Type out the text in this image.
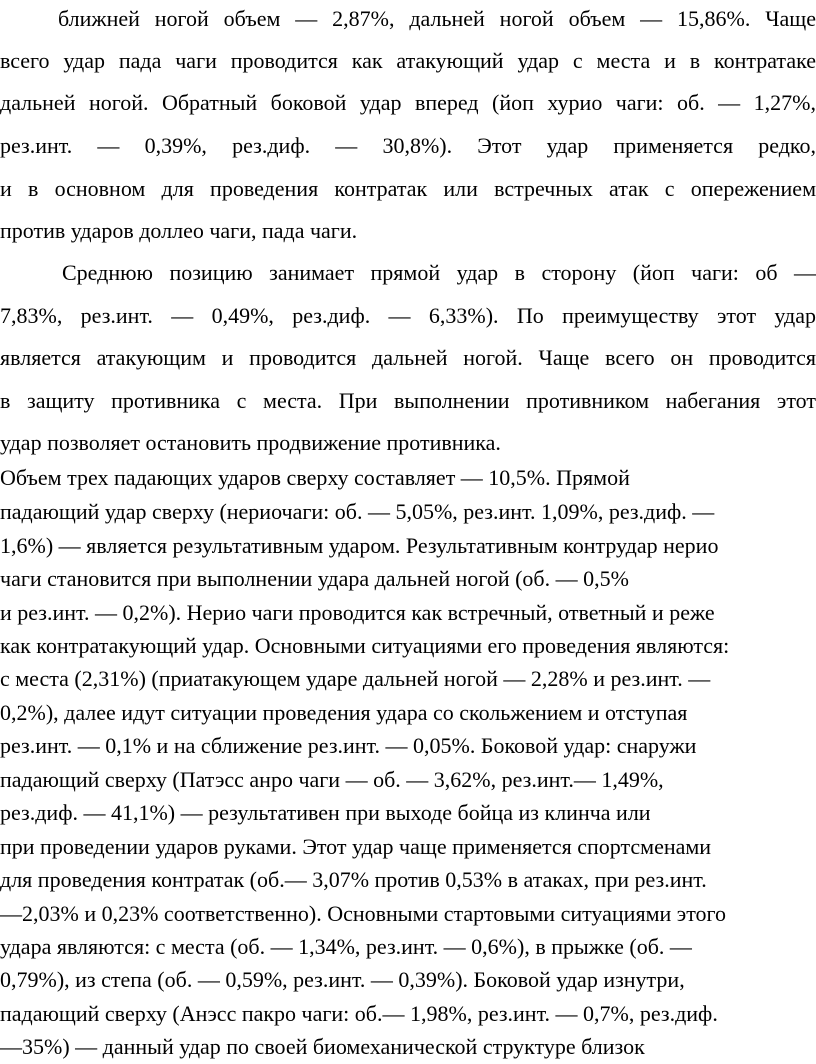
ближней ногой объем — 2,87%, дальней ногой объем — 15,86%. Чаще
всего удар пада чаги проводится как атакующий удар с места и в контратаке
дальней ногой. Обратный боковой удар вперед (йоп хурио чаги: об. — 1,27%,
рез.инт. — 0,39%, рез.диф. — 30,8%). Этот удар применяется редко,
и в основном для проведения контратак или встречных атак с опережением
против ударов доллео чаги, пада чаги.
Среднюю позицию занимает прямой удар в сторону (йоп чаги: об —
7,83%, рез.инт. — 0,49%, рез.диф. — 6,33%). По преимуществу этот удар
является атакующим и проводится дальней ногой. Чаще всего он проводится
в защиту противника с места. При выполнении противником набегания этот
удар позволяет остановить продвижение противника.
Объем трех падающих ударов сверху составляет — 10,5%. Прямой
падающий удар сверху (нериочаги: об. — 5,05%, рез.инт. 1,09%, рез.диф. —
1,6%) — является результативным ударом. Результативным контрудар нерио
чаги становится при выполнении удара дальней ногой (об. — 0,5%
и рез.инт. — 0,2%). Нерио чаги проводится как встречный, ответный и реже
как контратакующий удар. Основными ситуациями его проведения являются:
с места (2,31%) (приатакующем ударе дальней ногой — 2,28% и рез.инт. —
0,2%), далее идут ситуации проведения удара со скольжением и отступая
рез.инт. — 0,1% и на сближение рез.инт. — 0,05%. Боковой удар: снаружи
падающий сверху (Патэсс анро чаги — об. — 3,62%, рез.инт.— 1,49%,
рез.диф. — 41,1%) — результативен при выходе бойца из клинча или
при проведении ударов руками. Этот удар чаще применяется спортсменами
для проведения контратак (об.— 3,07% против 0,53% в атаках, при рез.инт.
—2,03% и 0,23% соответственно). Основными стартовыми ситуациями этого
удара являются: с места (об. — 1,34%, рез.инт. — 0,6%), в прыжке (об. —
0,79%), из степа (об. — 0,59%, рез.инт. — 0,39%). Боковой удар изнутри,
падающий сверху (Анэсс пакро чаги: об.— 1,98%, рез.инт. — 0,7%, рез.диф.
—35%) — данный удар по своей биомеханической структуре близок
